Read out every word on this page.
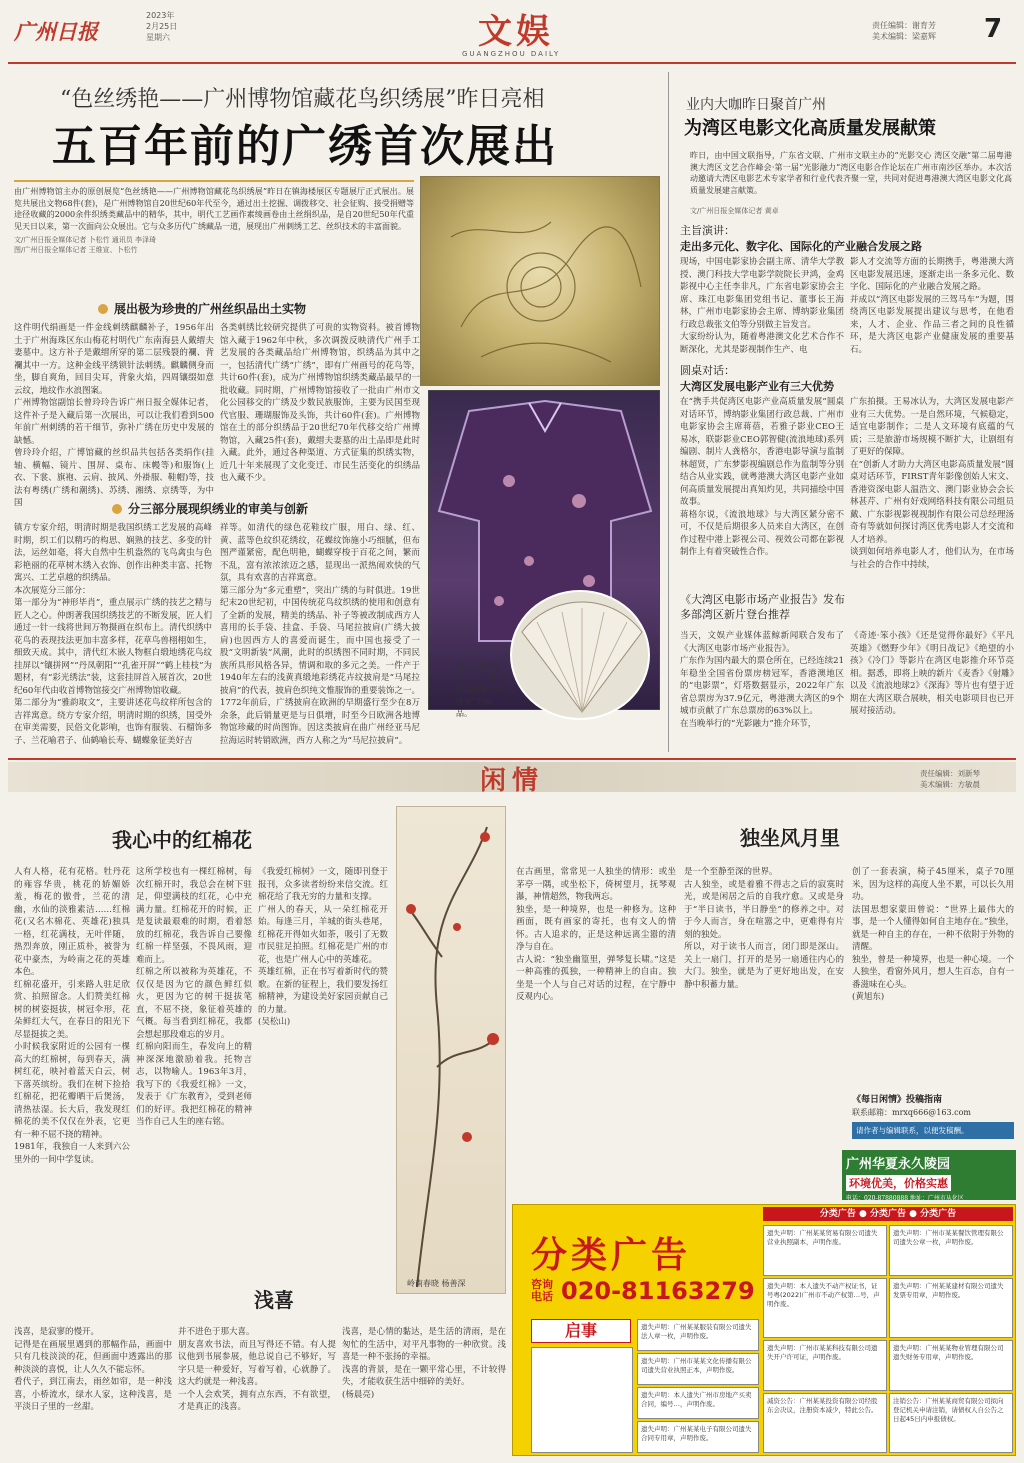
广州日报
2023年
2月25日
星期六	文娱
GUANGZHOU DAILY
责任编辑：谢育芳
美术编辑：梁嘉辉 7
“色丝绣艳——广州博物馆藏花鸟织绣展”昨日亮相
五百年前的广绣首次展出
由广州博物馆主办的原创展览“色丝绣艳——广州博物馆藏花鸟织绣展”昨日在镇海楼展区专题展厅正式展出。展览共展出文物68件(套)，是广州博物馆自20世纪60年代至今，通过出土挖掘、调拨移交、社会征购、接受捐赠等途径收藏的2000余件织绣类藏品中的精华，其中，明代工艺画作素绫画卷由土丝绢织品，是自20世纪50年代重见天日以来，第一次面向公众展出。它与众多历代广绣藏品一道，展现出广州刺绣工艺、丝织技术的丰富面貌。
文/广州日报全媒体记者 卜松竹 通讯员 李泽琦
图/广州日报全媒体记者 王维宣、卜松竹
展出极为珍贵的广州丝织品出土实物
这件明代绢画是一件金线刺绣麒麟补子，1956年出土于广州海珠区东山梅花村明代广东南海县人戴缙夫妻墓中。这方补子是戴缙所穿的第二层残裂的襴、背襴其中一方。这种金线平绣锁针法刺绣。麒麟侧身而坐，脚自爽角，回目尖耳，背象火焰，四周镶缀如意云纹，地纹作水浪图案。
广州博物馆副馆长曾玲玲告诉广州日报全媒体记者，这件补子是入藏后第一次展出，可以让我们看到500年前广州刺绣的若干细节，弥补广绣在历史中发展的缺憾。
曾玲玲介绍，广博馆藏的丝织品共包括各类绢作(挂轴、横幅、镜片、围屏、桌布、床幔等)和服饰(上衣、下裳、旗袍、云肩、披风、外褂服、鞋帽)等，技法有粤绣(广绣和潮绣)、苏绣、湘绣、京绣等，为中国
各类刺绣比较研究提供了可贵的实物资料。被首博物馆入藏于1962年中秋，多次调拨反映清代广州手工艺发展的各类藏品给广州博物馆，织绣品为其中之一，包括清代广绣“广绣”，即有广州画号的花鸟等，共计60件(套)，成为广州博物馆织绣类藏品最早的一批收藏。同时期，广州博物馆接收了一批由广州市文化公园移交的广绣及少数民族服饰，主要为民国至现代官服、珊瑚服饰及头饰，共计60件(套)。广州博物馆在土的部分织绣品于20世纪70年代移交给广州博物馆，入藏25件(套)，戴缙夫妻墓的出土品即是此时入藏。此外，通过各种渠道、方式征集的织绣实物，近几十年来展现了文化变迁、市民生活变化的织绣品也入藏不少。
图为“色丝绣艳——广州博物馆藏花鸟织绣展”的展品。
分三部分展现织绣业的审美与创新
镇方专家介绍，明清时期是我国织绣工艺发展的高峰时期，织工们以精巧的构思、娴熟的技艺、多变的针法，运丝如毫，将大自然中生机盎然的飞鸟禽虫与色彩艳丽的花草树木绣入衣饰、创作出种类丰富、托物寓兴、工艺卓越的织绣品。
本次展览分三部分：
第一部分为“神形毕肖”，重点展示广绣的技艺之精与匠人之心。仲朗著我国织绣技艺的不断发展，匠人们通过一针一线将世间万物摄画在织布上。清代织绣中花鸟的表现技法更加丰富多样，花草鸟兽栩栩如生，细致天成。其中，清代红木嵌人物框白缎地绣花鸟纹挂屏以“镶拼网”“丹凤朝阳”“孔雀开屏”“鹤上桂枝”为题材，有“彩光绣法”装，这套挂屏首入展首次，20世纪60年代由收首博物馆接交广州博物馆收藏。
第二部分为“雅韵取文”，主要讲述花鸟纹样所包含的吉祥寓意。绕方专家介绍，明清时期的织绣，国受外在审美需要，民俗文化影响，也饰有服装、石榴饰多子、兰花喻君子、仙鹤喻长寿、蝴蝶象征美好吉
祥等。如清代的绿色花鞋纹广服，用白、绿、红、黄、蓝等色纹织花绣纹，花蝶纹饰施小巧细腻，但布图严谨紧密，配色明艳，蝴蝶穿梭于百花之间，繁而不乱，富有浓浓浓迈之感，显现出一派热闹欢快的气氛，具有欢喜的吉祥寓意。
第三部分为“多元重塑”，突出广绣的与时俱进。19世纪末20世纪初，中国传统花鸟纹织绣的使用和创意有了全新的发展，精美的绣品、补子等被改制成西方人喜用的长手袋、挂盒、手袋、马尾拉披肩(广绣大披肩)也因西方人的喜爱而诞生，而中国也接受了一股“文明新装”风潮，此时的织绣图不同时期，不同民族所具形风格各异，情调和取的多元之美。一件产于1940年左右的浅黄真缎地彩绣花卉纹披肩是“马尾拉披肩”的代表，披肩色织纯文惟服饰的重要装饰之一。1772年前后，广绣披肩在欧洲的早期盛行至少在8万余条，此后销量更是与日俱增，时至今日欧洲各地博物馆珍藏的时尚图饰。因这类披肩在曲广州经亚马尼拉海运时转销欧洲，西方人称之为“马尼拉披肩”。
业内大咖昨日聚首广州
为湾区电影文化高质量发展献策
昨日，由中国文联指导，广东省文联、广州市文联主办的“光影交心 湾区交融”第二届粤港澳大湾区文艺合作峰会·第一届“光影融力”湾区电影合作论坛在广州市南沙区举办。本次活动邀请大湾区电影艺术专家学者和行业代表齐聚一堂，共同对促进粤港澳大湾区电影文化高质量发展建言献策。
文/广州日报全媒体记者 黄卓
主旨演讲：
走出多元化、数字化、国际化的产业融合发展之路
现场，中国电影家协会副主席、清华大学教授、澳门科技大学电影学院院长尹鸿，金鸡影视中心主任李非凡，广东省电影家协会主席、珠江电影集团党组书记、董事长王海林，广州市电影家协会主席、博纳影业集团行政总裁张文伯等分别做主旨发言。
大家纷纷认为，随着粤港澳文化艺术合作不断深化，尤其是影视制作生产、电
影人才交流等方面的长期携手，粤港澳大湾区电影发展迅速，逐渐走出一条多元化、数字化、国际化的产业融合发展之路。
并成以“湾区电影发展的三驾马车”为题，围绕湾区电影发展提出建议与思考，在他看来，人才、企业、作品三者之间的良性循环，是大湾区电影产业健康发展的重要基石。
圆桌对话：
大湾区发展电影产业有三大优势
在“携手共促湾区电影产业高质量发展”圆桌对话环节，博纳影业集团行政总裁、广州市电影家协会主席蒋蓓，若雅子影业CEO王易冰，联影影业CEO郭智健(流浪地球)系列编剧、制片人龚格尔，香港电影导演与监制林超贤，广东梦影视编剧总作为监制等分别结合从业实践，就粤港澳大湾区电影产业如何高质量发展提出真知灼见，共同描绘中国故事。
蒋格尔说，《流浪地球》与大湾区紧分密不可，不仅是后期很多人员来自大湾区，在创作过程中港上影视公司、视效公司都在影视制作上有着突破性合作。
广东拍摄。王易冰认为，大湾区发展电影产业有三大优势。一是自然环境，气候稳定，适宜电影制作；二是人文环境有底蕴的气质；三是旅游市场规模不断扩大，让剧组有了更好的保障。
在“创新人才助力大湾区电影高质量发展”圆桌对话环节，FIRST青年影像创始人宋文、香港资深电影人温浩文、澳门影业协会会长林甚芹、广州有好戏网络科技有限公司组员戴、广东影视影视视制作有限公司总经理汤奇有等就如何探讨湾区优秀电影人才交流和人才培养。
谈到如何培养电影人才，他们认为，在市场与社会的合作中持续，
《大湾区电影市场产业报告》发布
多部湾区新片登台推荐
当天，文娱产业媒体蓝鲸新闻联合发布了《大湾区电影市场产业报告》。
广东作为国内最大的票仓所在，已经连续21年稳坐全国省份票房榜冠军，香港澳地区的“电影票”，灯塔数据显示，2022年广东省总票房为37.9亿元，粤港澳大湾区的9个城市贡献了广东总票房的63%以上。
在当晚举行的“光影融力”推介环节，
《奇迹·笨小孩》《还是觉得你最好》《平凡英雄》《燃野少年》《明日战记》《绝望的小孩》《冷门》等影片在湾区电影推介环节亮相。据悉，即将上映的新片《麦香》《射雕》以及《流浪地球2》《深海》等片也有望于近期在大湾区联合展映，相关电影项目也已开展对接活动。
闲情	责任编辑：刘新琴
美术编辑：方敏晨
我心中的红棉花
人有人格，花有花格。牡丹花的雍容华贵，桃花的娇媚娇羞，梅花的傲骨，兰花的清幽，水仙的淡雅素洁……红棉花(又名木棉花、英雄花)独具一格，红花满枝，无叶伴随，热烈奔放，刚正质朴，被誉为花中豪杰，为岭南之花的英雄本色。
红棉花盛开，引来路人驻足欣赏、拍照留念。人们赞美红棉树的树姿挺拔，树冠伞形，花朵鲜红大气，在春日的阳光下尽显挺拔之美。
小时候我家附近的公园有一棵高大的红棉树，每到春天，满树红花，映衬着蓝天白云，树下落英缤纷。我们在树下捡拾红棉花，把花瓣晒干后煲汤，清热祛湿。长大后，我发现红棉花的美不仅仅在外表，它更有一种不屈不挠的精神。
1981年，我独自一人来到六公里外的一间中学复读。
这所学校也有一棵红棉树，每次红棉开时，我总会在树下驻足，仰望满枝的红花，心中充满力量。红棉花开的时候，正是复读最艰难的时期，看着怒放的红棉花，我告诉自己要像红棉一样坚强，不畏风雨，迎难而上。
红棉之所以被称为英雄花，不仅仅是因为它的颜色鲜红似火，更因为它的树干挺拔笔直，不屈不挠，象征着英雄的气概。每当看到红棉花，我都会想起那段难忘的岁月。
红棉向阳而生，春发向上的精神深深地激励着我。托物言志，以物喻人。1963年3月，我写下的《我爱红棉》一文，发表于《广东教育》，受到老师们的好评。我把红棉花的精神当作自己人生的座右铭。
《我爱红棉树》一文，随即刊登于报刊，众多读者纷纷来信交流。红棉花给了我无穷的力量和支撑。
广州人的春天，从一朵红棉花开始。每逢三月，羊城的街头巷尾，红棉花开得如火如荼，吸引了无数市民驻足拍照。红棉花是广州的市花，也是广州人心中的英雄花。
英雄红棉，正在书写着新时代的赞歌。在新的征程上，我们要发扬红棉精神，为建设美好家园贡献自己的力量。
(吴松山)
岭南春晓 杨善深
独坐风月里
在古画里，常常见一人独坐的情形：或坐茅亭一隅，或坐松下，倚树望月，抚琴观瀑，神情超然，物我两忘。
独坐，是一种境界，也是一种修为。这种画面，既有画家的寄托，也有文人的情怀。古人追求的，正是这种远离尘嚣的清净与自在。
古人说：“独坐幽篁里，弹琴复长啸。”这是一种高雅的孤独，一种精神上的自由。独坐是一个人与自己对话的过程，在宁静中反观内心。
是一个至静至深的世界。
古人独坐，或是着雅不得志之后的寂寞时光，或是闲居之后的自我疗愈。又或是身于“半日读书，半日静坐”的修养之中。对于今人而言，身在喧嚣之中，更难得有片刻的独处。
所以，对于读书人而言，闭门即是深山。关上一扇门，打开的是另一扇通往内心的大门。独坐，就是为了更好地出发，在安静中积蓄力量。
创了一套表演，椅子45厘米，桌子70厘米，因为这样的高度人坐不累，可以长久用功。
法国思想家蒙田曾说：“世界上最伟大的事，是一个人懂得如何自主地存在。”独坐，就是一种自主的存在，一种不依附于外物的清醒。
独坐，曾是一种境界，也是一种心境。一个人独坐，看窗外风月，想人生百态，自有一番滋味在心头。
(黄旭东)
《每日闲情》投稿指南
联系邮箱：mrxq666@163.com
请作者与编辑联系，以便发稿酬。
广州华夏永久陵园
环境优美，价格实惠
电话：020-87880888 地址：广州市从化区
分类广告 ● 分类广告 ● 分类广告
分类广告
咨询电话 020-81163279
启事
遗失声明：广州某某贸易有限公司遗失营业执照副本，声明作废。
遗失声明：广州市某某餐饮管理有限公司遗失公章一枚，声明作废。
遗失声明：本人遗失不动产权证书，证号粤(2022)广州市不动产权第…号，声明作废。
遗失声明：广州某某建材有限公司遗失发票专用章，声明作废。
遗失声明：广州市某某科技有限公司遗失开户许可证，声明作废。
遗失声明：广州某某物业管理有限公司遗失财务专用章，声明作废。
减资公告：广州某某投资有限公司经股东会决议，注册资本减少，特此公告。
注销公告：广州某某商贸有限公司拟向登记机关申请注销，请债权人自公告之日起45日内申报债权。
遗失声明：广州某某服装有限公司遗失法人章一枚，声明作废。
遗失声明：广州市某某文化传播有限公司遗失营业执照正本，声明作废。
遗失声明：本人遗失广州市房地产买卖合同，编号…，声明作废。
遗失声明：广州某某电子有限公司遗失合同专用章，声明作废。
浅喜
浅喜，是寂寥的慢开。
记得是在画展里遇到的那幅作品，画面中只有几枝淡淡的花，但画面中透露出的那种淡淡的喜悦，让人久久不能忘怀。
看代子，到江南去，雨丝如帘，是一种浅喜，小桥流水，绿水人家，这种浅喜，是平淡日子里的一丝甜。
并不进色于那大喜。
朋友喜欢书法，而且写得还不错。有人提议他到书展参展，他总说自己不够好，写字只是一种爱好，写着写着，心就静了。这大约就是一种浅喜。
一个人会欢笑，拥有点东西，不有欲望，才是真正的浅喜。
浅喜，是心情的黏达，是生活的清雨，是在匆忙的生活中，对平凡事物的一种欣赏。浅喜是一种不张扬的幸福。
浅喜的背景，是在一颗平常心里，不计较得失，才能收获生活中细碎的美好。
(杨晨亮)
